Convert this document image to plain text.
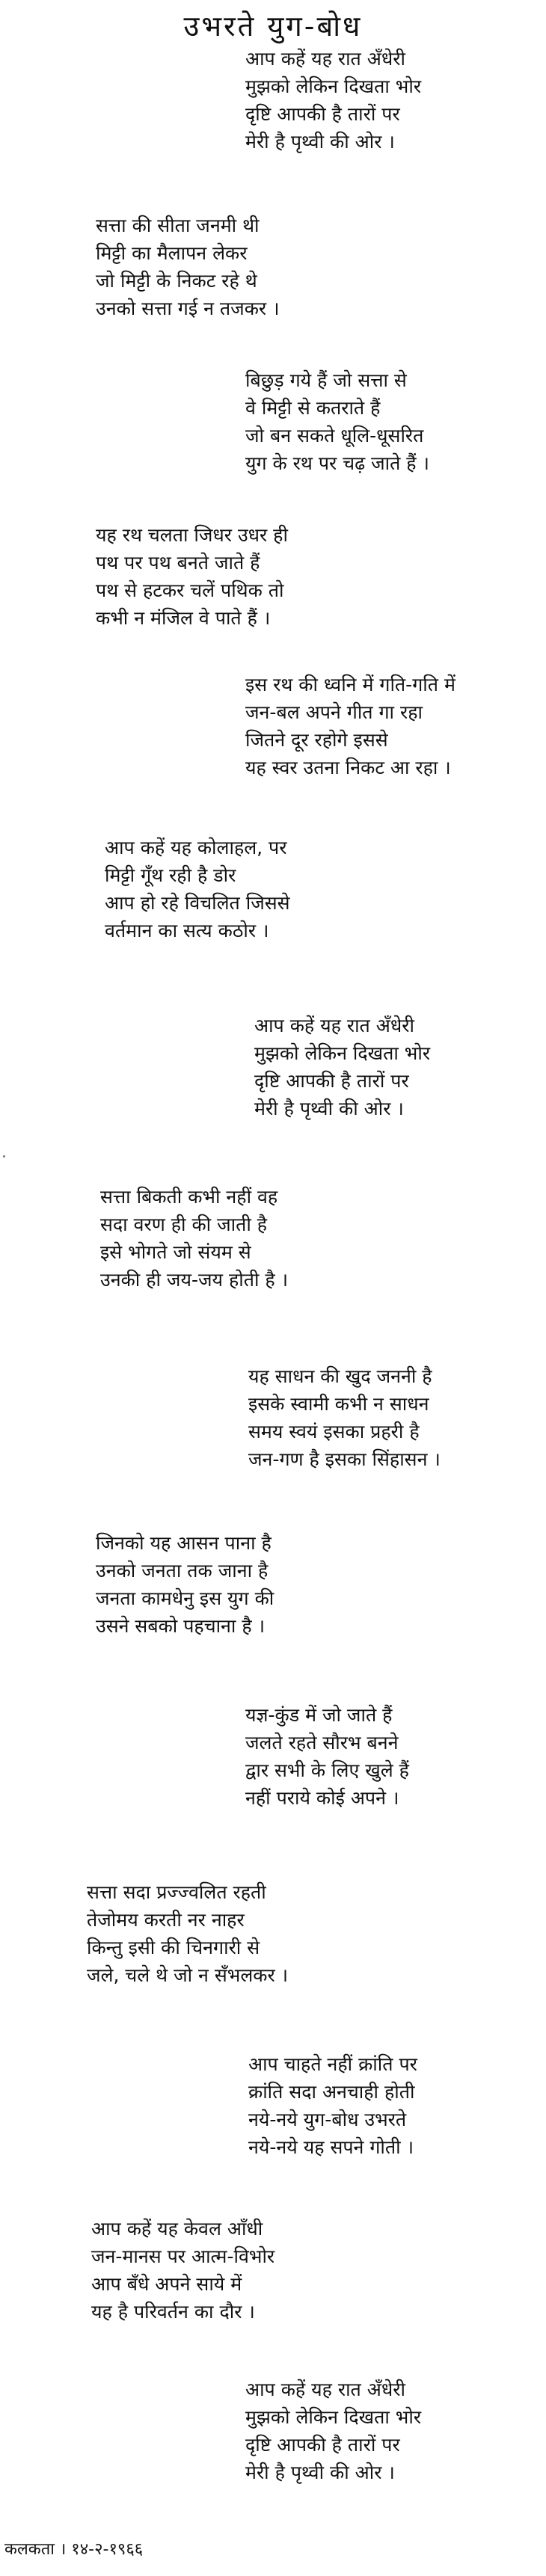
उभरते युग-बोध
आप कहें यह रात अँधेरी
मुझको लेकिन दिखता भोर
दृष्टि आपकी है तारों पर
मेरी है पृथ्वी की ओर ।
सत्ता की सीता जनमी थी
मिट्टी का मैलापन लेकर
जो मिट्टी के निकट रहे थे
उनको सत्ता गई न तजकर ।
बिछुड़ गये हैं जो सत्ता से
वे मिट्टी से कतराते हैं
जो बन सकते धूलि-धूसरित
युग के रथ पर चढ़ जाते हैं ।
यह रथ चलता जिधर उधर ही
पथ पर पथ बनते जाते हैं
पथ से हटकर चलें पथिक तो
कभी न मंजिल वे पाते हैं ।
इस रथ की ध्वनि में गति-गति में
जन-बल अपने गीत गा रहा
जितने दूर रहोगे इससे
यह स्वर उतना निकट आ रहा ।
आप कहें यह कोलाहल, पर
मिट्टी गूँथ रही है डोर
आप हो रहे विचलित जिससे
वर्तमान का सत्य कठोर ।
आप कहें यह रात अँधेरी
मुझको लेकिन दिखता भोर
दृष्टि आपकी है तारों पर
मेरी है पृथ्वी की ओर ।
सत्ता बिकती कभी नहीं वह
सदा वरण ही की जाती है
इसे भोगते जो संयम से
उनकी ही जय-जय होती है ।
यह साधन की खुद जननी है
इसके स्वामी कभी न साधन
समय स्वयं इसका प्रहरी है
जन-गण है इसका सिंहासन ।
जिनको यह आसन पाना है
उनको जनता तक जाना है
जनता कामधेनु इस युग की
उसने सबको पहचाना है ।
यज्ञ-कुंड में जो जाते हैं
जलते रहते सौरभ बनने
द्वार सभी के लिए खुले हैं
नहीं पराये कोई अपने ।
सत्ता सदा प्रज्ज्वलित रहती
तेजोमय करती नर नाहर
किन्तु इसी की चिनगारी से
जले, चले थे जो न सँभलकर ।
आप चाहते नहीं क्रांति पर
क्रांति सदा अनचाही होती
नये-नये युग-बोध उभरते
नये-नये यह सपने गोती ।
आप कहें यह केवल आँधी
जन-मानस पर आत्म-विभोर
आप बँधे अपने साये में
यह है परिवर्तन का दौर ।
आप कहें यह रात अँधेरी
मुझको लेकिन दिखता भोर
दृष्टि आपकी है तारों पर
मेरी है पृथ्वी की ओर ।
कलकता । १४-२-१९६६
